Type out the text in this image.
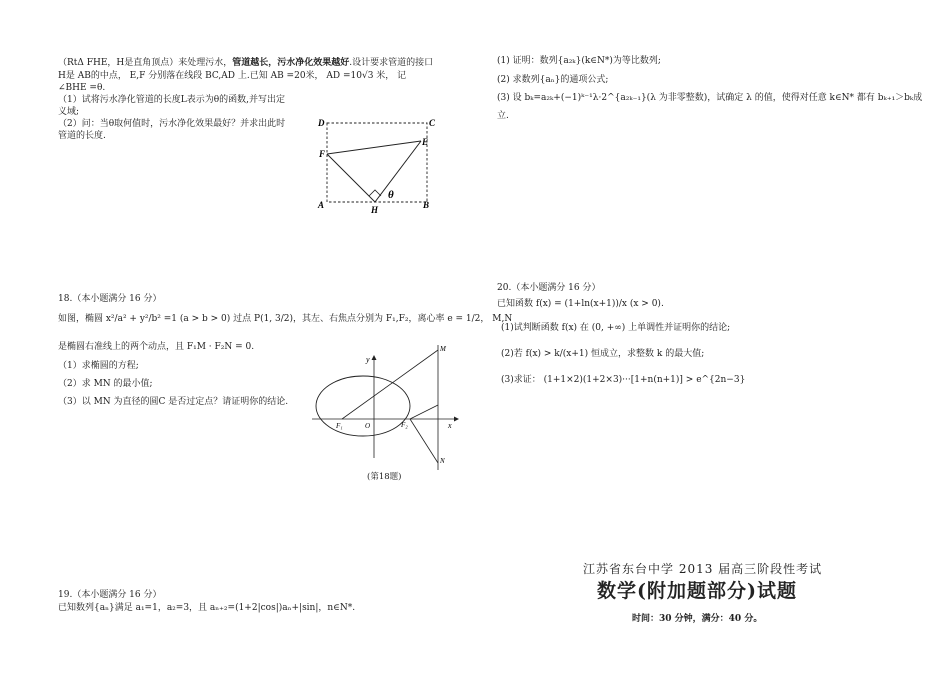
（RtΔ FHE，H是直角顶点）来处理污水，管道越长，污水净化效果越好.设计要求管道的接口
H是 AB的中点， E,F 分别落在线段 BC,AD 上.已知 AB =20米， AD =10√3 米， 记
∠BHE =θ.
（1）试将污水净化管道的长度L表示为θ的函数,并写出定
义域;
（2）问：当θ取何值时，污水净化效果最好？并求出此时
管道的长度.
D	C
F
E
A	H	B
θ
18.（本小题满分 16 分）
如图，椭圆 x²/a² + y²/b² =1 (a > b > 0) 过点 P(1, 3/2)，其左、右焦点分别为 F₁,F₂，离心率 e = 1/2， M,N
是椭圆右准线上的两个动点，且 F₁M · F₂N = 0.
（1）求椭圆的方程;
（2）求 MN 的最小值;
（3）以 MN 为直径的圆C 是否过定点？请证明你的结论.
y
M
F₁	O	F₂	x
N
(第18题)
19.（本小题满分 16 分）
已知数列{aₙ}满足 a₁=1，a₂=3，且 aₙ₊₂=(1+2|cos|)aₙ+|sin|，n∈N*.
(1) 证明：数列{a₂ₖ}(k∈N*)为等比数列;
(2) 求数列{aₙ}的通项公式;
(3) 设 bₖ=a₂ₖ+(−1)ᵏ⁻¹λ·2^{a₂ₖ₋₁}(λ 为非零整数)，试确定 λ 的值，使得对任意 k∈N* 都有 bₖ₊₁＞bₖ成
立.
20.（本小题满分 16 分）
已知函数 f(x) = (1+ln(x+1))/x (x > 0).
(1)试判断函数 f(x) 在 (0, +∞) 上单调性并证明你的结论;
(2)若 f(x) > k/(x+1) 恒成立，求整数 k 的最大值;
(3)求证： (1+1×2)(1+2×3)···[1+n(n+1)] > e^{2n−3}
江苏省东台中学 2013 届高三阶段性考试
数学(附加题部分)试题
时间：30 分钟，满分：40 分。
